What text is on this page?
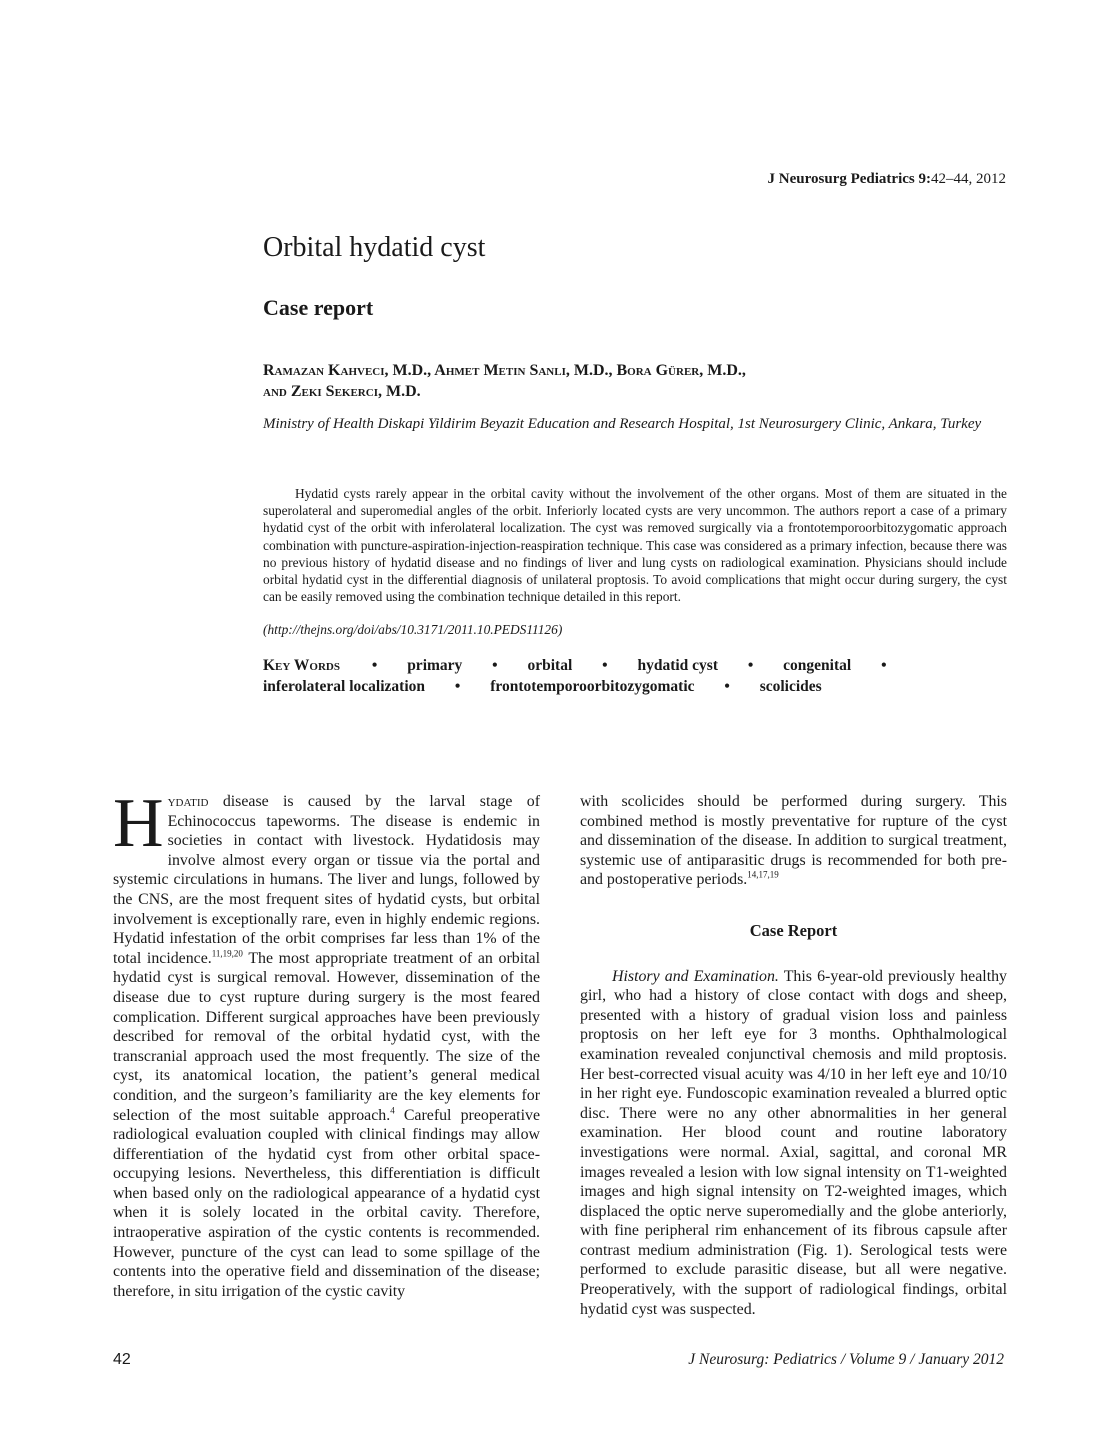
J Neurosurg Pediatrics 9:42–44, 2012
Orbital hydatid cyst
Case report
Ramazan Kahveci, M.D., Ahmet Metin Sanli, M.D., Bora Gürer, M.D.,
and Zeki Sekerci, M.D.
Ministry of Health Diskapi Yildirim Beyazit Education and Research Hospital, 1st Neurosurgery Clinic, Ankara, Turkey

Hydatid cysts rarely appear in the orbital cavity without the involvement of the other organs. Most of them are situated in the superolateral and superomedial angles of the orbit. Inferiorly located cysts are very uncommon. The authors report a case of a primary hydatid cyst of the orbit with inferolateral localization. The cyst was removed surgically via a frontotemporoorbitozygomatic approach combination with puncture-aspiration-injection-reaspiration technique. This case was considered as a primary infection, because there was no previous history of hydatid disease and no findings of liver and lung cysts on radiological examination. Physicians should include orbital hydatid cyst in the differential diagnosis of unilateral proptosis. To avoid complications that might occur during surgery, the cyst can be easily removed using the combination technique detailed in this report.

(http://thejns.org/doi/abs/10.3171/2011.10.PEDS11126)
Key Words • primary • orbital • hydatid cyst • congenital •
inferolateral localization • frontotemporoorbitozygomatic • scolicides

Hydatid disease is caused by the larval stage of Echinococcus tapeworms. The disease is endemic in societies in contact with livestock. Hydatidosis may involve almost every organ or tissue via the portal and systemic circulations in humans. The liver and lungs, followed by the CNS, are the most frequent sites of hydatid cysts, but orbital involvement is exceptionally rare, even in highly endemic regions. Hydatid infestation of the orbit comprises far less than 1% of the total incidence.$^{11,19,20}$ The most appropriate treatment of an orbital hydatid cyst is surgical removal. However, dissemination of the disease due to cyst rupture during surgery is the most feared complication. Different surgical approaches have been previously described for removal of the orbital hydatid cyst, with the transcranial approach used the most frequently. The size of the cyst, its anatomical location, the patient’s general medical condition, and the surgeon’s familiarity are the key elements for selection of the most suitable approach.$^4$ Careful preoperative radiological evaluation coupled with clinical findings may allow differentiation of the hydatid cyst from other orbital space-occupying lesions. Nevertheless, this differentiation is difficult when based only on the radiological appearance of a hydatid cyst when it is solely located in the orbital cavity. Therefore, intraoperative aspiration of the cystic contents is recommended. However, puncture of the cyst can lead to some spillage of the contents into the operative field and dissemination of the disease; therefore, in situ irrigation of the cystic cavity

with scolicides should be performed during surgery. This combined method is mostly preventative for rupture of the cyst and dissemination of the disease. In addition to surgical treatment, systemic use of antiparasitic drugs is recommended for both pre- and postoperative periods.$^{14,17,19}$

Case Report

History and Examination. This 6-year-old previously healthy girl, who had a history of close contact with dogs and sheep, presented with a history of gradual vision loss and painless proptosis on her left eye for 3 months. Ophthalmological examination revealed conjunctival chemosis and mild proptosis. Her best-corrected visual acuity was 4/10 in her left eye and 10/10 in her right eye. Fundoscopic examination revealed a blurred optic disc. There were no any other abnormalities in her general examination. Her blood count and routine laboratory investigations were normal. Axial, sagittal, and coronal MR images revealed a lesion with low signal intensity on T1-weighted images and high signal intensity on T2-weighted images, which displaced the optic nerve superomedially and the globe anteriorly, with fine peripheral rim enhancement of its fibrous capsule after contrast medium administration (Fig. 1). Serological tests were performed to exclude parasitic disease, but all were negative. Preoperatively, with the support of radiological findings, orbital hydatid cyst was suspected.

42	J Neurosurg: Pediatrics / Volume 9 / January 2012
